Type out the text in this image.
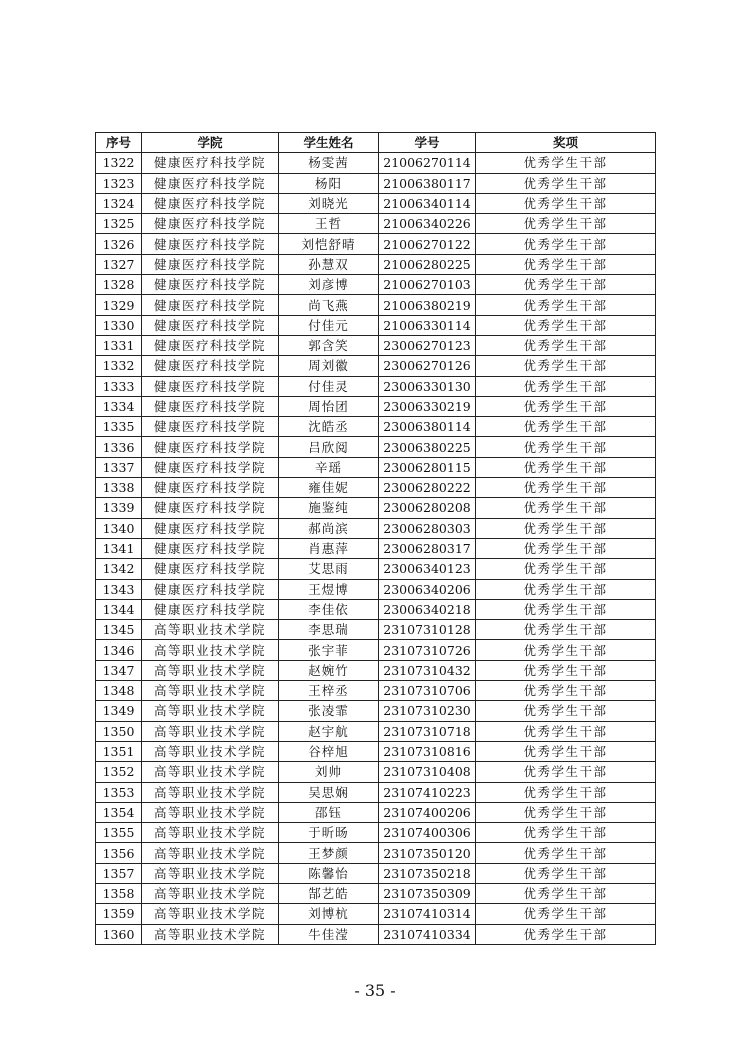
序号	学院	学生姓名	学号	奖项
1322	健康医疗科技学院	杨雯茜	21006270114	优秀学生干部
1323	健康医疗科技学院	杨阳	21006380117	优秀学生干部
1324	健康医疗科技学院	刘晓光	21006340114	优秀学生干部
1325	健康医疗科技学院	王哲	21006340226	优秀学生干部
1326	健康医疗科技学院	刘恺舒晴	21006270122	优秀学生干部
1327	健康医疗科技学院	孙慧双	21006280225	优秀学生干部
1328	健康医疗科技学院	刘彦博	21006270103	优秀学生干部
1329	健康医疗科技学院	尚飞燕	21006380219	优秀学生干部
1330	健康医疗科技学院	付佳元	21006330114	优秀学生干部
1331	健康医疗科技学院	郭含笑	23006270123	优秀学生干部
1332	健康医疗科技学院	周刘徽	23006270126	优秀学生干部
1333	健康医疗科技学院	付佳灵	23006330130	优秀学生干部
1334	健康医疗科技学院	周怡团	23006330219	优秀学生干部
1335	健康医疗科技学院	沈皓丞	23006380114	优秀学生干部
1336	健康医疗科技学院	吕欣阅	23006380225	优秀学生干部
1337	健康医疗科技学院	辛瑶	23006280115	优秀学生干部
1338	健康医疗科技学院	雍佳妮	23006280222	优秀学生干部
1339	健康医疗科技学院	施鉴纯	23006280208	优秀学生干部
1340	健康医疗科技学院	郝尚滨	23006280303	优秀学生干部
1341	健康医疗科技学院	肖惠萍	23006280317	优秀学生干部
1342	健康医疗科技学院	艾思雨	23006340123	优秀学生干部
1343	健康医疗科技学院	王煜博	23006340206	优秀学生干部
1344	健康医疗科技学院	李佳依	23006340218	优秀学生干部
1345	高等职业技术学院	李思瑞	23107310128	优秀学生干部
1346	高等职业技术学院	张宇菲	23107310726	优秀学生干部
1347	高等职业技术学院	赵婉竹	23107310432	优秀学生干部
1348	高等职业技术学院	王梓丞	23107310706	优秀学生干部
1349	高等职业技术学院	张凌霏	23107310230	优秀学生干部
1350	高等职业技术学院	赵宇航	23107310718	优秀学生干部
1351	高等职业技术学院	谷梓旭	23107310816	优秀学生干部
1352	高等职业技术学院	刘帅	23107310408	优秀学生干部
1353	高等职业技术学院	吴思娴	23107410223	优秀学生干部
1354	高等职业技术学院	邵钰	23107400206	优秀学生干部
1355	高等职业技术学院	于昕旸	23107400306	优秀学生干部
1356	高等职业技术学院	王梦颜	23107350120	优秀学生干部
1357	高等职业技术学院	陈馨怡	23107350218	优秀学生干部
1358	高等职业技术学院	郜艺皓	23107350309	优秀学生干部
1359	高等职业技术学院	刘博杭	23107410314	优秀学生干部
1360	高等职业技术学院	牛佳滢	23107410334	优秀学生干部
- 35 -
